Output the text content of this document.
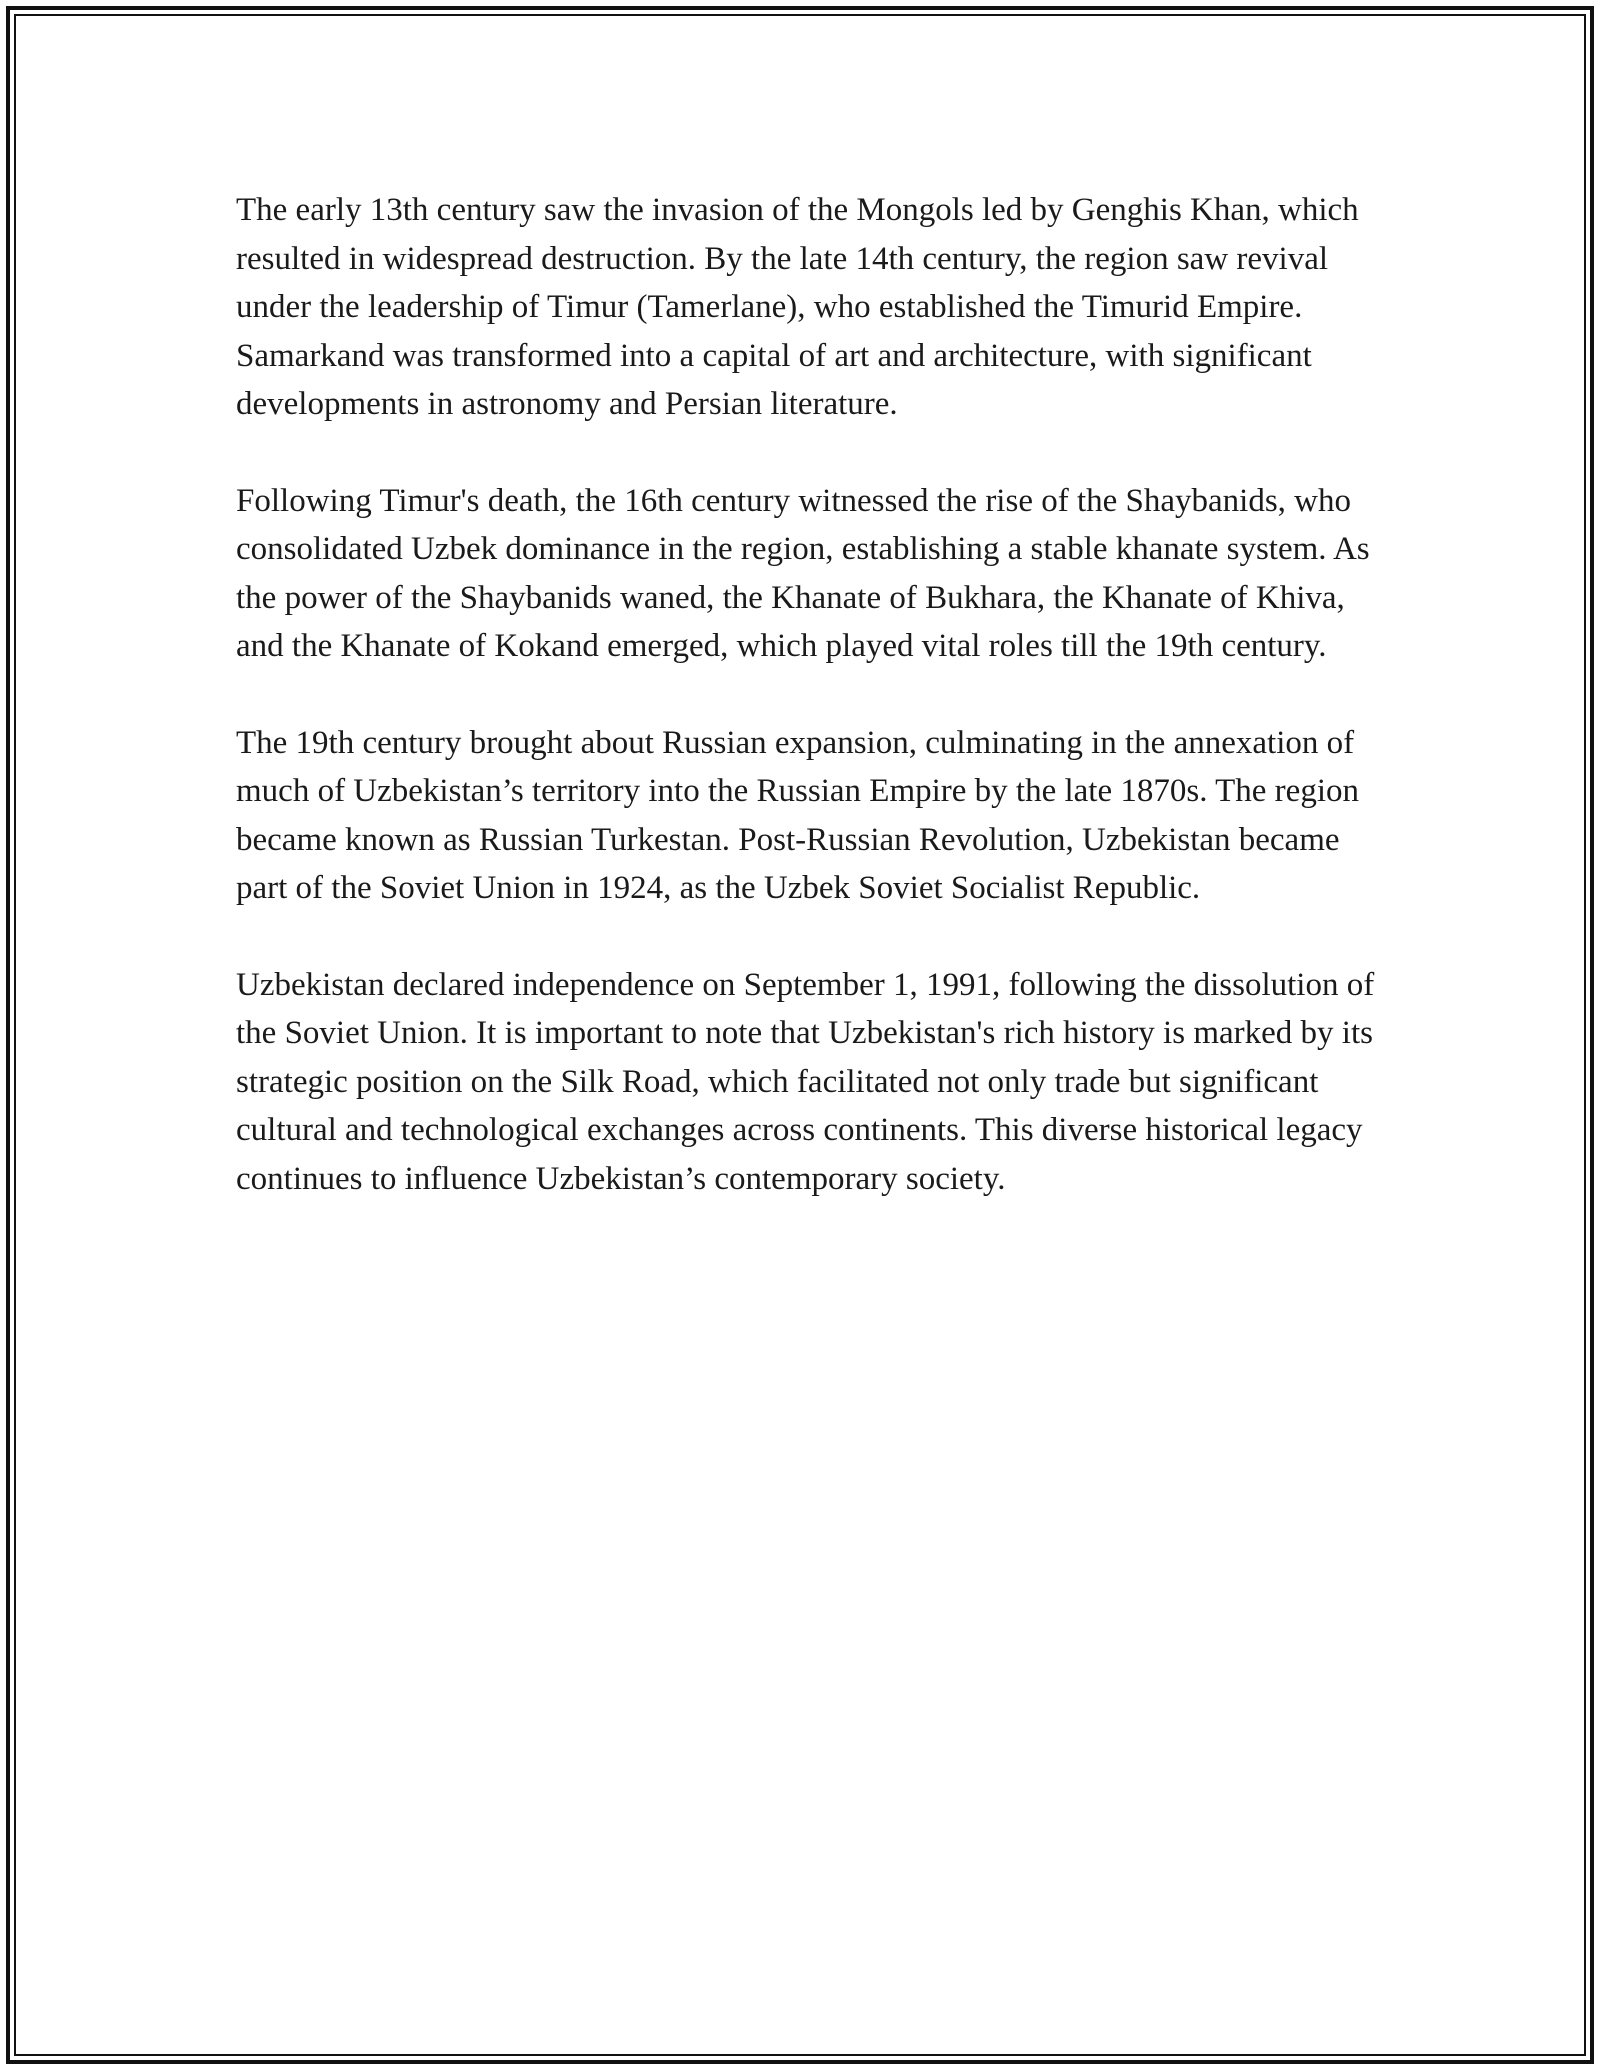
The early 13th century saw the invasion of the Mongols led by Genghis Khan, which resulted in widespread destruction. By the late 14th century, the region saw revival under the leadership of Timur (Tamerlane), who established the Timurid Empire. Samarkand was transformed into a capital of art and architecture, with significant developments in astronomy and Persian literature.

Following Timur's death, the 16th century witnessed the rise of the Shaybanids, who consolidated Uzbek dominance in the region, establishing a stable khanate system. As the power of the Shaybanids waned, the Khanate of Bukhara, the Khanate of Khiva, and the Khanate of Kokand emerged, which played vital roles till the 19th century.

The 19th century brought about Russian expansion, culminating in the annexation of much of Uzbekistan’s territory into the Russian Empire by the late 1870s. The region became known as Russian Turkestan. Post-Russian Revolution, Uzbekistan became part of the Soviet Union in 1924, as the Uzbek Soviet Socialist Republic.

Uzbekistan declared independence on September 1, 1991, following the dissolution of the Soviet Union. It is important to note that Uzbekistan's rich history is marked by its strategic position on the Silk Road, which facilitated not only trade but significant cultural and technological exchanges across continents. This diverse historical legacy continues to influence Uzbekistan’s contemporary society.
